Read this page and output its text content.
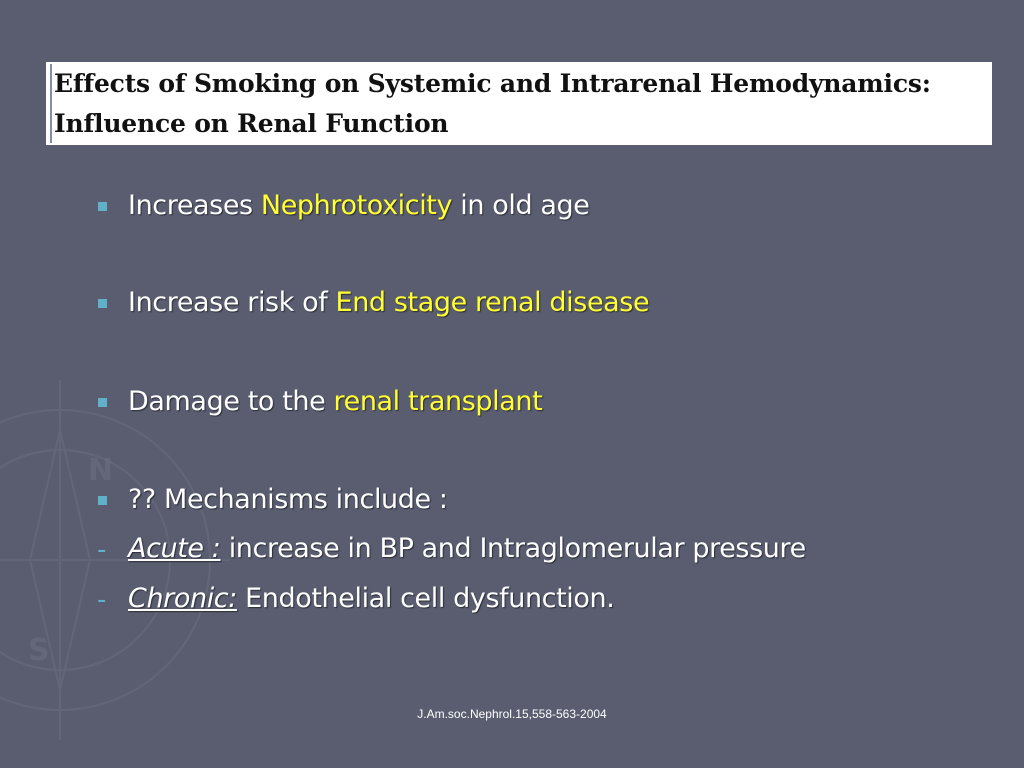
N
S
Effects of Smoking on Systemic and Intrarenal Hemodynamics:
Influence on Renal Function
Increases Nephrotoxicity in old age
Increase risk of End stage renal disease
Damage to the renal transplant
?? Mechanisms include :
- Acute : increase in BP and Intraglomerular pressure
- Chronic: Endothelial cell dysfunction.
J.Am.soc.Nephrol.15,558-563-2004
